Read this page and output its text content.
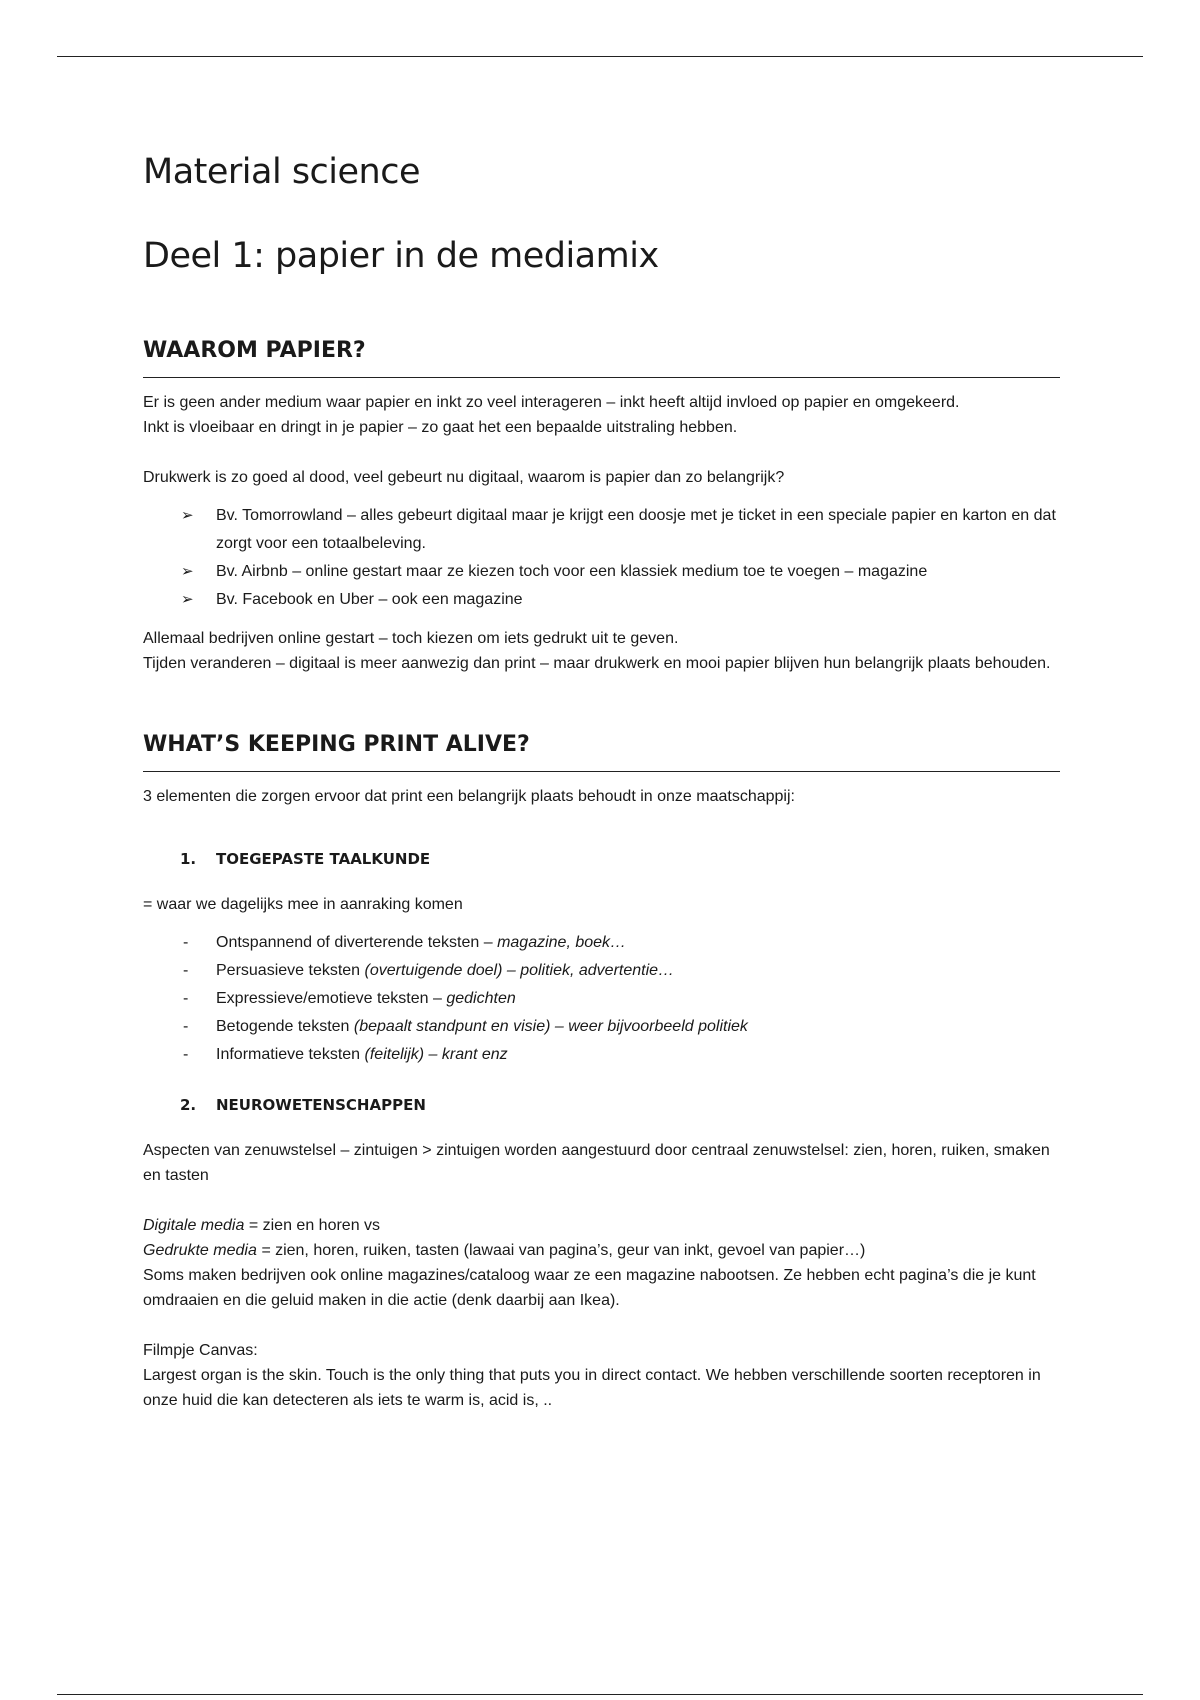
Material science
Deel 1: papier in de mediamix
WAAROM PAPIER?

Er is geen ander medium waar papier en inkt zo veel interageren – inkt heeft altijd invloed op papier en omgekeerd.

Inkt is vloeibaar en dringt in je papier – zo gaat het een bepaalde uitstraling hebben.

Drukwerk is zo goed al dood, veel gebeurt nu digitaal, waarom is papier dan zo belangrijk?

➢ Bv. Tomorrowland – alles gebeurt digitaal maar je krijgt een doosje met je ticket in een speciale papier en karton en dat zorgt voor een totaalbeleving.
➢ Bv. Airbnb – online gestart maar ze kiezen toch voor een klassiek medium toe te voegen – magazine
➢ Bv. Facebook en Uber – ook een magazine

Allemaal bedrijven online gestart – toch kiezen om iets gedrukt uit te geven.

Tijden veranderen – digitaal is meer aanwezig dan print – maar drukwerk en mooi papier blijven hun belangrijk plaats behouden.

WHAT’S KEEPING PRINT ALIVE?

3 elementen die zorgen ervoor dat print een belangrijk plaats behoudt in onze maatschappij:

1. TOEGEPASTE TAALKUNDE

= waar we dagelijks mee in aanraking komen

- Ontspannend of diverterende teksten – magazine, boek…
- Persuasieve teksten (overtuigende doel) – politiek, advertentie…
- Expressieve/emotieve teksten – gedichten
- Betogende teksten (bepaalt standpunt en visie) – weer bijvoorbeeld politiek
- Informatieve teksten (feitelijk) – krant enz
2. NEUROWETENSCHAPPEN

Aspecten van zenuwstelsel – zintuigen > zintuigen worden aangestuurd door centraal zenuwstelsel: zien, horen, ruiken, smaken en tasten

Digitale media = zien en horen vs

Gedrukte media = zien, horen, ruiken, tasten (lawaai van pagina’s, geur van inkt, gevoel van papier…)

Soms maken bedrijven ook online magazines/cataloog waar ze een magazine nabootsen. Ze hebben echt pagina’s die je kunt omdraaien en die geluid maken in die actie (denk daarbij aan Ikea).

Filmpje Canvas:

Largest organ is the skin. Touch is the only thing that puts you in direct contact. We hebben verschillende soorten receptoren in onze huid die kan detecteren als iets te warm is, acid is, ..
